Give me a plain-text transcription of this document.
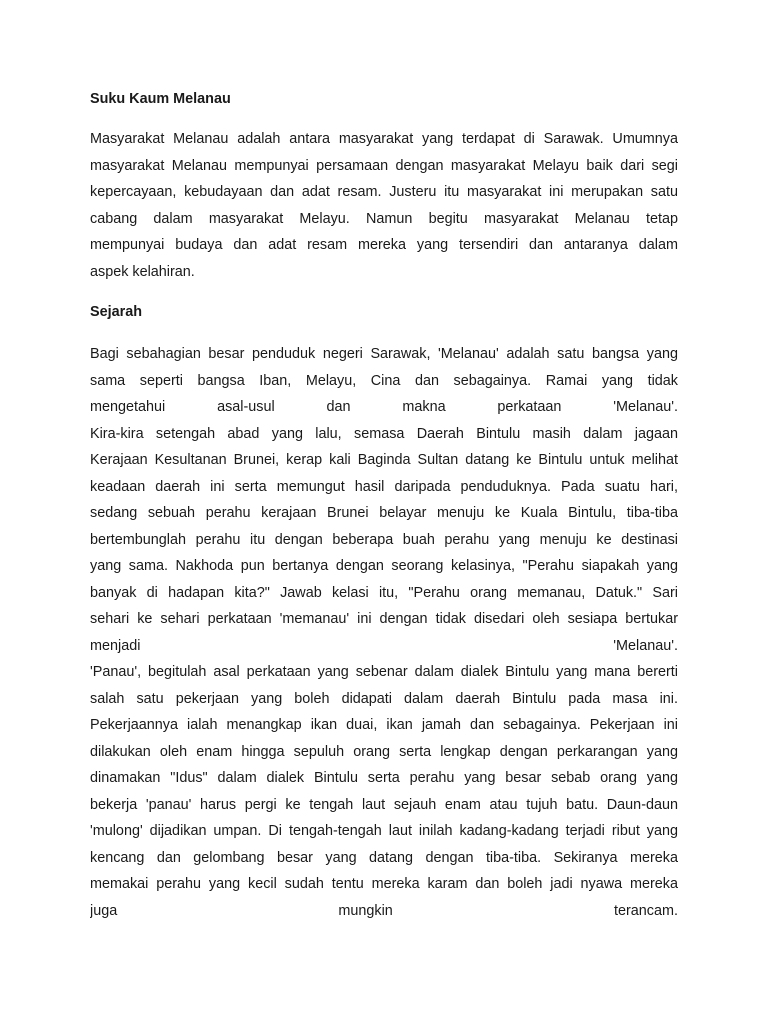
Suku Kaum Melanau

Masyarakat Melanau adalah antara masyarakat yang terdapat di Sarawak. Umumnya
masyarakat Melanau mempunyai persamaan dengan masyarakat Melayu baik dari segi
kepercayaan, kebudayaan dan adat resam. Justeru itu masyarakat ini merupakan satu
cabang dalam masyarakat Melayu. Namun begitu masyarakat Melanau tetap
mempunyai budaya dan adat resam mereka yang tersendiri dan antaranya dalam
aspek kelahiran.

Sejarah

Bagi sebahagian besar penduduk negeri Sarawak, 'Melanau' adalah satu bangsa yang
sama seperti bangsa Iban, Melayu, Cina dan sebagainya. Ramai yang tidak
mengetahui asal-usul dan makna perkataan 'Melanau'.
Kira-kira setengah abad yang lalu, semasa Daerah Bintulu masih dalam jagaan
Kerajaan Kesultanan Brunei, kerap kali Baginda Sultan datang ke Bintulu untuk melihat
keadaan daerah ini serta memungut hasil daripada penduduknya. Pada suatu hari,
sedang sebuah perahu kerajaan Brunei belayar menuju ke Kuala Bintulu, tiba-tiba
bertembunglah perahu itu dengan beberapa buah perahu yang menuju ke destinasi
yang sama. Nakhoda pun bertanya dengan seorang kelasinya, "Perahu siapakah yang
banyak di hadapan kita?" Jawab kelasi itu, "Perahu orang memanau, Datuk." Sari
sehari ke sehari perkataan 'memanau' ini dengan tidak disedari oleh sesiapa bertukar
menjadi 'Melanau'.
'Panau', begitulah asal perkataan yang sebenar dalam dialek Bintulu yang mana bererti
salah satu pekerjaan yang boleh didapati dalam daerah Bintulu pada masa ini.
Pekerjaannya ialah menangkap ikan duai, ikan jamah dan sebagainya. Pekerjaan ini
dilakukan oleh enam hingga sepuluh orang serta lengkap dengan perkarangan yang
dinamakan "Idus" dalam dialek Bintulu serta perahu yang besar sebab orang yang
bekerja 'panau' harus pergi ke tengah laut sejauh enam atau tujuh batu. Daun-daun
'mulong' dijadikan umpan. Di tengah-tengah laut inilah kadang-kadang terjadi ribut yang
kencang dan gelombang besar yang datang dengan tiba-tiba. Sekiranya mereka
memakai perahu yang kecil sudah tentu mereka karam dan boleh jadi nyawa mereka
juga mungkin terancam.
